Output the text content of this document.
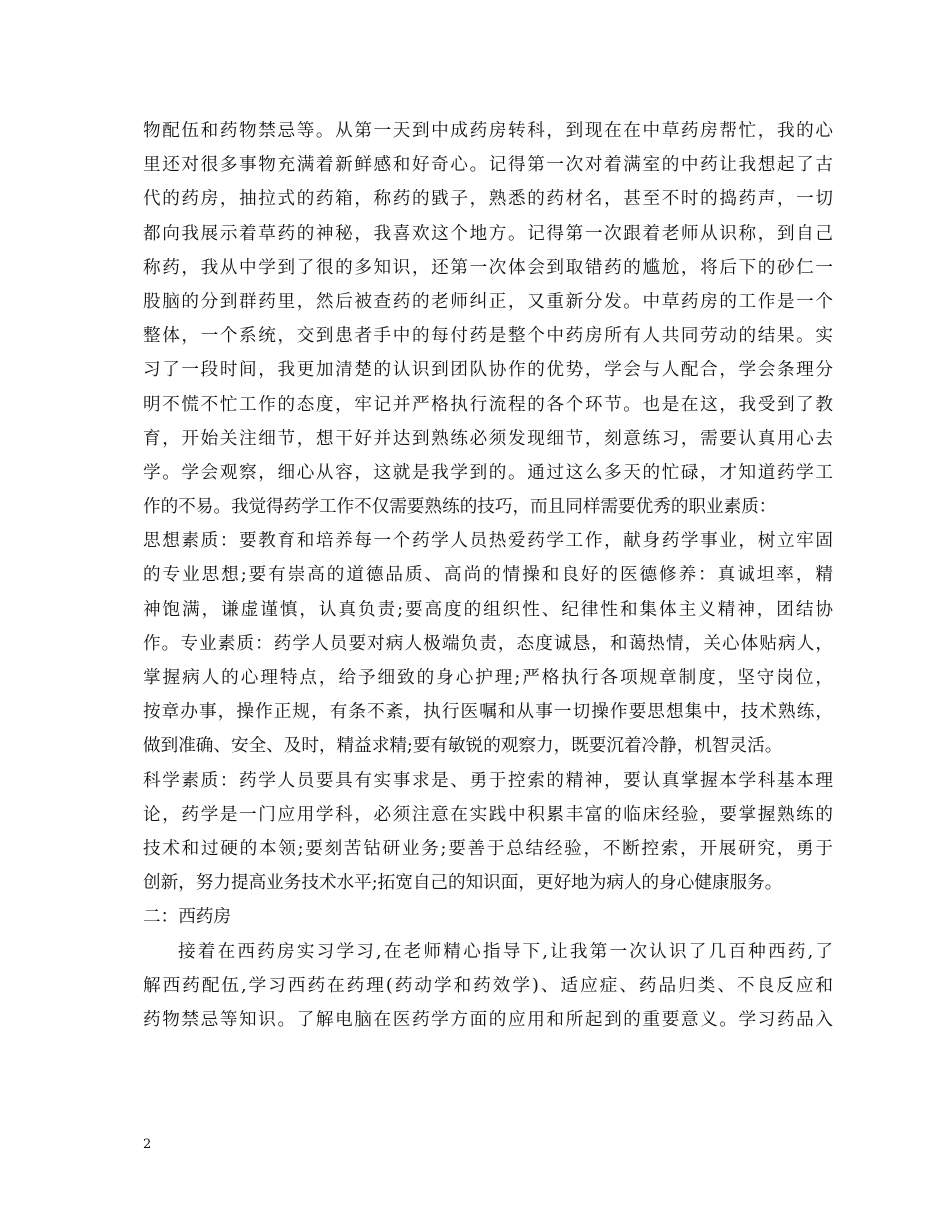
物配伍和药物禁忌等。从第一天到中成药房转科，到现在在中草药房帮忙，我的心
里还对很多事物充满着新鲜感和好奇心。记得第一次对着满室的中药让我想起了古
代的药房，抽拉式的药箱，称药的戥子，熟悉的药材名，甚至不时的捣药声，一切
都向我展示着草药的神秘，我喜欢这个地方。记得第一次跟着老师从识称，到自己
称药，我从中学到了很的多知识，还第一次体会到取错药的尴尬，将后下的砂仁一
股脑的分到群药里，然后被查药的老师纠正，又重新分发。中草药房的工作是一个
整体，一个系统，交到患者手中的每付药是整个中药房所有人共同劳动的结果。实
习了一段时间，我更加清楚的认识到团队协作的优势，学会与人配合，学会条理分
明不慌不忙工作的态度，牢记并严格执行流程的各个环节。也是在这，我受到了教
育，开始关注细节，想干好并达到熟练必须发现细节，刻意练习，需要认真用心去
学。学会观察，细心从容，这就是我学到的。通过这么多天的忙碌，才知道药学工
作的不易。我觉得药学工作不仅需要熟练的技巧，而且同样需要优秀的职业素质：
思想素质：要教育和培养每一个药学人员热爱药学工作，献身药学事业，树立牢固
的专业思想;要有崇高的道德品质、高尚的情操和良好的医德修养：真诚坦率，精
神饱满，谦虚谨慎，认真负责;要高度的组织性、纪律性和集体主义精神，团结协
作。专业素质：药学人员要对病人极端负责，态度诚恳，和蔼热情，关心体贴病人，
掌握病人的心理特点，给予细致的身心护理;严格执行各项规章制度，坚守岗位，
按章办事，操作正规，有条不紊，执行医嘱和从事一切操作要思想集中，技术熟练，
做到准确、安全、及时，精益求精;要有敏锐的观察力，既要沉着冷静，机智灵活。
科学素质：药学人员要具有实事求是、勇于控索的精神，要认真掌握本学科基本理
论，药学是一门应用学科，必须注意在实践中积累丰富的临床经验，要掌握熟练的
技术和过硬的本领;要刻苦钻研业务;要善于总结经验，不断控索，开展研究，勇于
创新，努力提高业务技术水平;拓宽自己的知识面，更好地为病人的身心健康服务。
二：西药房
接着在西药房实习学习,在老师精心指导下,让我第一次认识了几百种西药,了
解西药配伍,学习西药在药理(药动学和药效学)、适应症、药品归类、不良反应和
药物禁忌等知识。了解电脑在医药学方面的应用和所起到的重要意义。学习药品入
2
